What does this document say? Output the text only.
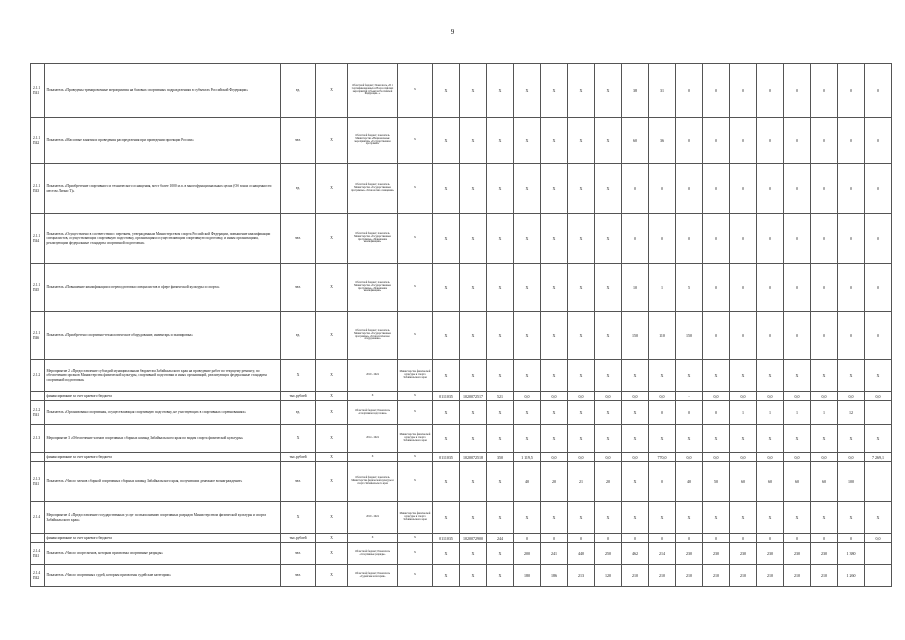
9
2.1.1 П41	Показатель «Проведены тренировочные мероприятия на базовых спортивных подразделениях в субъектах Российской Федерации»	ед.	Х	Областной бюджет; Показатель «П 1 Сертификационных и Всероссийских мероприятий субъектов Российской Федерации...»	Х	Х	Х	Х	Х	Х	Х	Х	38	31	0	0	0	0	0	0	0	0
2.1.1 П42	Показатель «Массовые занятия и проведения распределения при проведении проекции России»	чел.	Х	Областной бюджет; показатель Министерства «Национальные мероприятия» «Государственная программа»	Х	Х	Х	Х	Х	Х	Х	Х	60	36	0	0	0	0	0	0	0	0
2.1.1 П43	Показатель «Приобретение спортивного и технического оснащения, мест более 1000 м.п. в многофункциональных целях (Об зонах оснащенности местом Лично Т)»	ед.	Х	Областной бюджет; показатель Министерства «Государственные программы» «Технологии оснащения»	Х	Х	Х	Х	Х	Х	Х	Х	0	0	0	0	0	0	0	0	0	0
2.1.1 П44	Показатель «Осуществлено в соответствии с перечнем, утвержденным Министерством спорта Российской Федерации, повышение квалификации специалистов, осуществляющих спортивную подготовку, организациям осуществляющим спортивную подготовку, и иным организациям, реализующим федеральные стандарты спортивной подготовки»	чел.	Х	Областной бюджет; показатель Министерства «Государственные программы» «Повышение квалификации»	Х	Х	Х	Х	Х	Х	Х	Х	0	0	0	0	0	0	0	0	0	0
2.1.1 П45	Показатель «Повышение квалификации и переподготовки специалистов в сфере физической культуры и спорта»	чел.	Х	Областной бюджет; показатель Министерства «Государственные программы» «Повышение квалификации»	Х	Х	Х	Х	Х	Х	Х	Х	10	1	5	0	0	0	0	0	0	0
2.1.1 П46	Показатель «Приобретено спортивно-технологическое оборудование, инвентарь и экипировка»	ед.	Х	Областной бюджет; показатель Министерства «Государственные программы» «Технологическое оборудование»	Х	Х	Х	Х	Х	Х	Х	Х	150	110	150	0	0	0	0	0	0	0
2.1.2	Мероприятие 2 «Предоставление субсидий муниципальным бюджетам Забайкальского края на проведение работ по текущему ремонту, по обеспечению органов Министерства физической культуры, спортивной подготовки и иных организаций, реализующих федеральные стандарты спортивной подготовки»	Х	Х	2019 - 2024	Министерство физической культуры и спорта Забайкальского края	Х	Х	Х	Х	Х	Х	Х	Х	Х	Х	Х	Х	Х	Х	Х	Х	Х
	финансирование за счет краевого бюджета	тыс.рублей	Х	Х	Х	0111035	1020072517	521	0,0	0,0	0,0	0,0	0,0	0,0	-	0,0	0,0	0,0	0,0	0,0	0,0	0,0
2.1.2 П41	Показатель «Организована спортивная, осуществляющая спортивную подготовку, не участвующих в спортивных соревнованиях»	ед.	Х	Областной бюджет; Показатель «Спортивная подготовка»	Х	Х	Х	Х	Х	Х	Х	Х	Х	0	0	0	1	1	1	1	12	
2.1.3	Мероприятие 3 «Обеспечение членов спортивных сборных команд Забайкальского края по видам спорта физической культуры»	Х	Х	2014 - 2024	Министерство физической культуры и спорта Забайкальского края	Х	Х	Х	Х	Х	Х	Х	Х	Х	Х	Х	Х	Х	Х	Х	Х	Х
	финансирование за счет краевого бюджета	тыс.рублей	Х	Х	Х	0111035	1020072518	350	1 119,5	0,0	0,0	0,0	0,0	770,0	0,0	0,0	0,0	0,0	0,0	0,0	0,0	7 269,1
2.1.3 П41	Показатель «Число членов сборной спортивных сборных команд Забайкальского края, получивших денежное вознаграждение»	чел.	Х	Областной бюджет; показатель Министерства физической культуры и спорта Забайкальского края	Х	Х	Х	Х	40	20	21	20	Х	0	40	50	60	60	60	60	100	
2.1.4	Мероприятие 4 «Предоставление государственных услуг по выполнению спортивных разрядов Министерством физической культуры и спорта Забайкальского края»	Х	Х	2019 - 2024	Министерство физической культуры и спорта Забайкальского края	Х	Х	Х	Х	Х	Х	Х	Х	Х	Х	Х	Х	Х	Х	Х	Х	Х
	финансирование за счет краевого бюджета	тыс.рублей	Х	Х	Х	0111035	1020072900	244	0	0	0	0	0	0	0	0	0	0	0	0	0	0,0
2.1.4 П41	Показатель «Число спортсменов, которым присвоены спортивные разряды»	чел.	Х	Областной бюджет; Показатель «Спортивные разряды»	Х	Х	Х	Х	200	241	440	250	462	214	230	230	230	230	230	230	1 380	
2.1.4 П42	Показатель «Число спортивных судей, которым присвоены судейские категории»	чел.	Х	Областной бюджет; Показатель «Судейские категории»	Х	Х	Х	Х	180	186	213	120	210	210	210	210	210	210	210	210	1 260	
